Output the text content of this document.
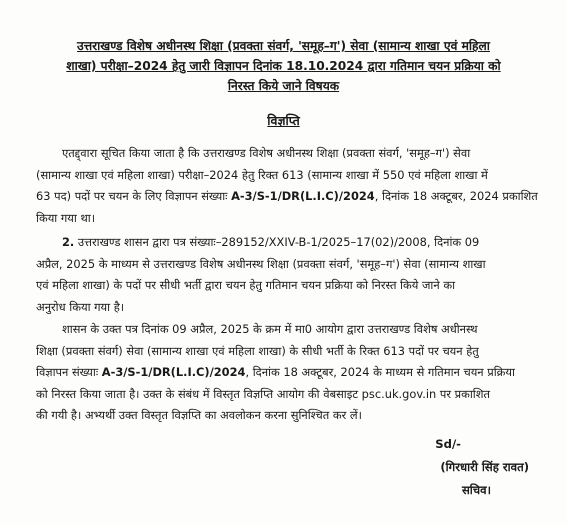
उत्तराखण्ड विशेष अधीनस्थ शिक्षा (प्रवक्ता संवर्ग, 'समूह–ग') सेवा (सामान्य शाखा एवं महिला
शाखा) परीक्षा–2024 हेतु जारी विज्ञापन दिनांक 18.10.2024 द्वारा गतिमान चयन प्रक्रिया को
निरस्त किये जाने विषयक
विज्ञप्ति
एतद्द्वारा सूचित किया जाता है कि उत्तराखण्ड विशेष अधीनस्थ शिक्षा (प्रवक्ता संवर्ग, 'समूह–ग') सेवा
(सामान्य शाखा एवं महिला शाखा) परीक्षा–2024 हेतु रिक्त 613 (सामान्य शाखा में 550 एवं महिला शाखा में
63 पद) पदों पर चयन के लिए विज्ञापन संख्याः A-3/S-1/DR(L.I.C)/2024, दिनांक 18 अक्टूबर, 2024 प्रकाशित
किया गया था।
2. उत्तराखण्ड शासन द्वारा पत्र संख्याः–289152/XXIV-B-1/2025–17(02)/2008, दिनांक 09
अप्रैल, 2025 के माध्यम से उत्तराखण्ड विशेष अधीनस्थ शिक्षा (प्रवक्ता संवर्ग, 'समूह–ग') सेवा (सामान्य शाखा
एवं महिला शाखा) के पदों पर सीधी भर्ती द्वारा चयन हेतु गतिमान चयन प्रक्रिया को निरस्त किये जाने का
अनुरोध किया गया है।
शासन के उक्त पत्र दिनांक 09 अप्रैल, 2025 के क्रम में मा0 आयोग द्वारा उत्तराखण्ड विशेष अधीनस्थ
शिक्षा (प्रवक्ता संवर्ग) सेवा (सामान्य शाखा एवं महिला शाखा) के सीधी भर्ती के रिक्त 613 पदों पर चयन हेतु
विज्ञापन संख्याः A-3/S-1/DR(L.I.C)/2024, दिनांक 18 अक्टूबर, 2024 के माध्यम से गतिमान चयन प्रक्रिया
को निरस्त किया जाता है। उक्त के संबंध में विस्तृत विज्ञप्ति आयोग की वेबसाइट psc.uk.gov.in पर प्रकाशित
की गयी है। अभ्यर्थी उक्त विस्तृत विज्ञप्ति का अवलोकन करना सुनिश्चित कर लें।
Sd/-
(गिरधारी सिंह रावत)
सचिव।
